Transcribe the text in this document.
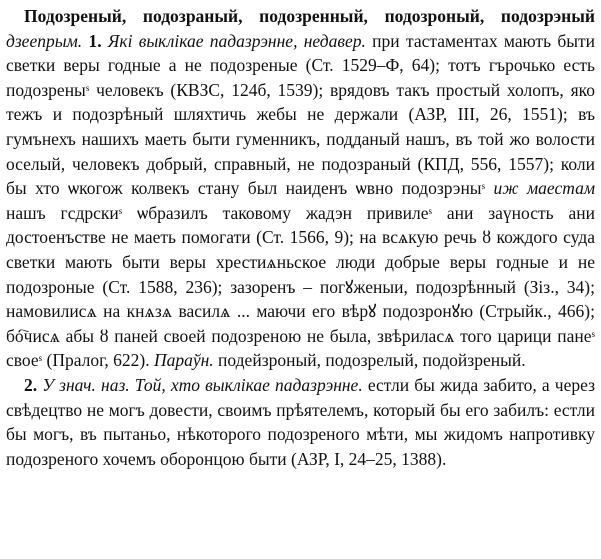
Подозреный, подозраный, подозренный, подозроный, подозрэный дзеепрым. 1. Які выклікае падазрэнне, недавер. при тастаментах мають быти светки веры годные а не подозреные (Ст. 1529–Ф, 64); тотъ гърочько есть подозрены$^s$ человекъ (КВЗС, 124б, 1539); врядовъ такъ простый холопъ, яко тежъ и подозрѣный шляхтичь жебы не держали (АЗР, III, 26, 1551); въ гумънехъ нашихъ маеть быти гуменникъ, подданый нашъ, въ той жо волости оселый, человекъ добрый, справный, не подозраный (КПД, 556, 1557); коли бы хто ѡкогож колвекъ стану был наиденъ ѡвно подозрэны$^s$ иж маестам нашъ гсдрски$^s$ ѡбразилъ таковому жадэн привиле$^s$ ани заүность ани достоенъстве не маеть помогати (Ст. 1566, 9); на всѧкую речь ȣ кождого суда светки мають быти веры хрестиѧньское люди добрые веры годные и не подозроные (Ст. 1588, 236); зазоренъ – погꙋженыи, подозрѣнный (Зіз., 34); намовилисѧ на кнѧзѧ василѧ ... маючи его вѣрꙋ подозронꙋю (Стрыйк., 466); бо҇чисѧ абы ȣ паней своей подозреною не была, звѣриласѧ того царици пане$^s$ свое$^s$ (Пралог, 622). Параўн. подейзроный, подозрелый, подойзреный.

2. У знач. наз. Той, хто выклікае падазрэнне. естли бы жида забито, а через свѣдецтво не могъ довести, своимъ прѣятелемъ, который бы его забилъ: естли бы могъ, въ пытаньо, нѣкоторого подозреного мѣти, мы жидомъ напротивку подозреного хочемъ оборонцою быти (АЗР, I, 24–25, 1388).
